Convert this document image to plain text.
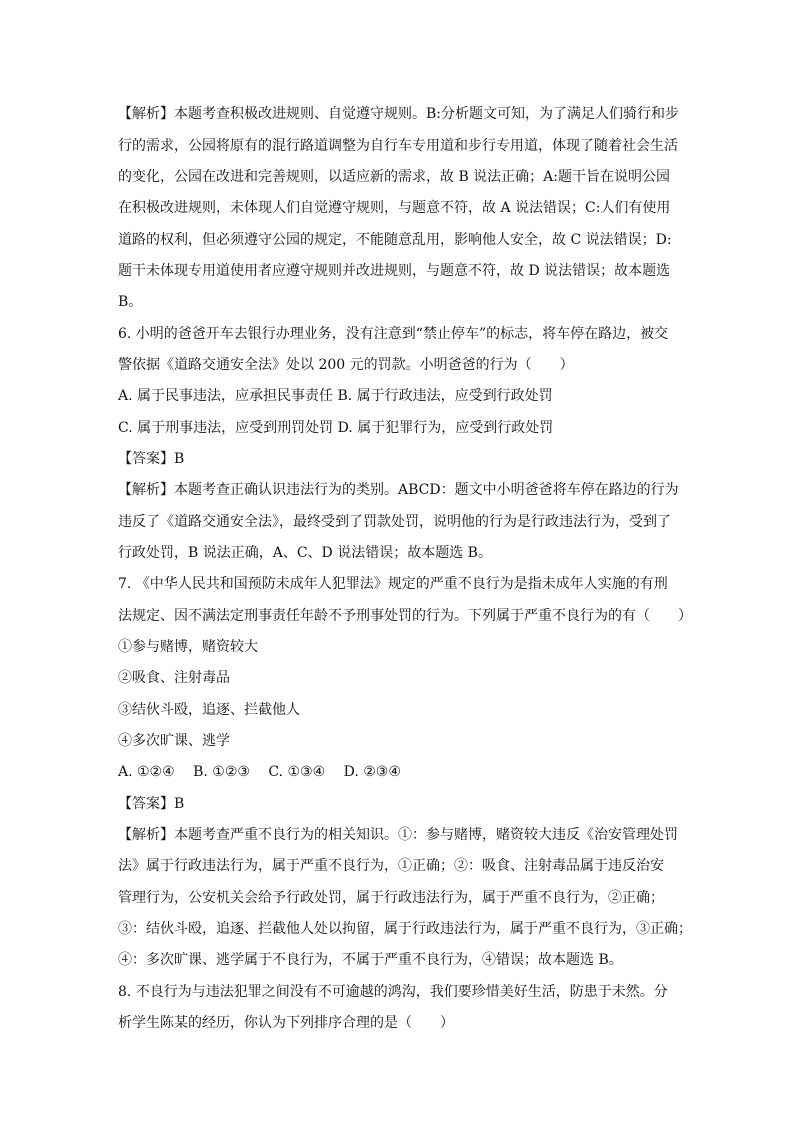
【解析】本题考查积极改进规则、自觉遵守规则。B:分析题文可知，为了满足人们骑行和步
行的需求，公园将原有的混行路道调整为自行车专用道和步行专用道，体现了随着社会生活
的变化，公园在改进和完善规则，以适应新的需求，故 B 说法正确；A:题干旨在说明公园
在积极改进规则，未体现人们自觉遵守规则，与题意不符，故 A 说法错误；C:人们有使用
道路的权利，但必须遵守公园的规定，不能随意乱用，影响他人安全，故 C 说法错误；D:
题干未体现专用道使用者应遵守规则并改进规则，与题意不符，故 D 说法错误；故本题选
B。
6. 小明的爸爸开车去银行办理业务，没有注意到“禁止停车”的标志，将车停在路边，被交
警依据《道路交通安全法》处以 200 元的罚款。小明爸爸的行为（　　）
A. 属于民事违法，应承担民事责任 B. 属于行政违法，应受到行政处罚
C. 属于刑事违法，应受到刑罚处罚 D. 属于犯罪行为，应受到行政处罚
【答案】B
【解析】本题考查正确认识违法行为的类别。ABCD：题文中小明爸爸将车停在路边的行为
违反了《道路交通安全法》，最终受到了罚款处罚，说明他的行为是行政违法行为，受到了
行政处罚，B 说法正确，A、C、D 说法错误；故本题选 B。
7. 《中华人民共和国预防未成年人犯罪法》规定的严重不良行为是指未成年人实施的有刑
法规定、因不满法定刑事责任年龄不予刑事处罚的行为。下列属于严重不良行为的有（　　）
①参与赌博，赌资较大
②吸食、注射毒品
③结伙斗殴，追逐、拦截他人
④多次旷课、逃学
A. ①②④　 B. ①②③　 C. ①③④　 D. ②③④
【答案】B
【解析】本题考查严重不良行为的相关知识。①：参与赌博，赌资较大违反《治安管理处罚
法》属于行政违法行为，属于严重不良行为，①正确；②：吸食、注射毒品属于违反治安
管理行为，公安机关会给予行政处罚，属于行政违法行为，属于严重不良行为，②正确；
③：结伙斗殴，追逐、拦截他人处以拘留，属于行政违法行为，属于严重不良行为，③正确；
④：多次旷课、逃学属于不良行为，不属于严重不良行为，④错误；故本题选 B。
8. 不良行为与违法犯罪之间没有不可逾越的鸿沟，我们要珍惜美好生活，防患于未然。分
析学生陈某的经历，你认为下列排序合理的是（　　）
